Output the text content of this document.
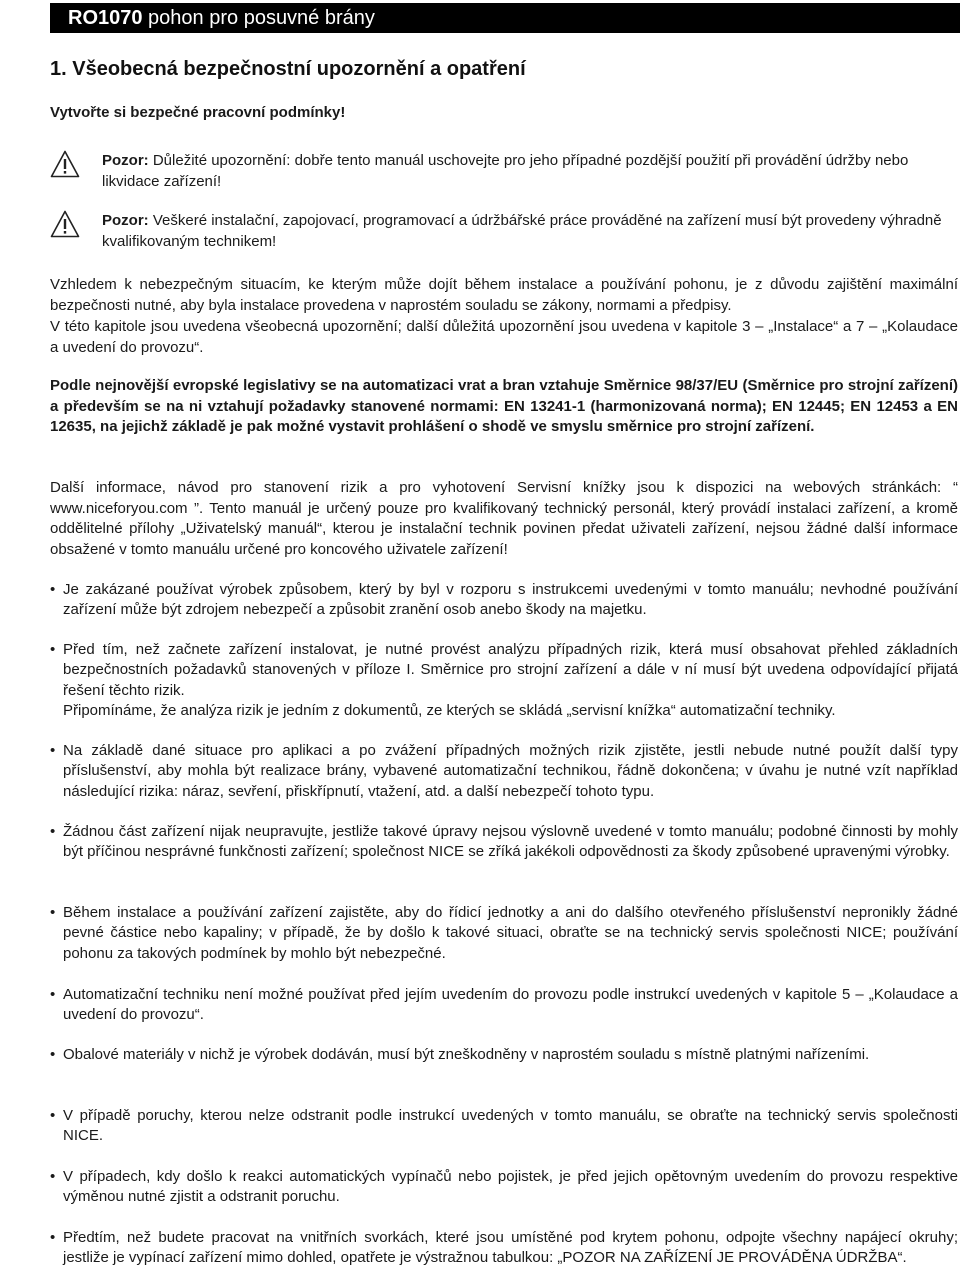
RO1070 pohon pro posuvné brány
1. Všeobecná bezpečnostní upozornění a opatření
Vytvořte si bezpečné pracovní podmínky!
Pozor: Důležité upozornění: dobře tento manuál uschovejte pro jeho případné pozdější použití při provádění údržby nebo likvidace zařízení!
Pozor: Veškeré instalační, zapojovací, programovací a údržbářské práce prováděné na zařízení musí být provedeny výhradně kvalifikovaným technikem!
Vzhledem k nebezpečným situacím, ke kterým může dojít během instalace a používání pohonu, je z důvodu zajištění maximální bezpečnosti nutné, aby byla instalace provedena v naprostém souladu se zákony, normami a předpisy.
V této kapitole jsou uvedena všeobecná upozornění; další důležitá upozornění jsou uvedena v kapitole 3 – „Instalace“ a 7 – „Kolaudace a uvedení do provozu“.
Podle nejnovější evropské legislativy se na automatizaci vrat a bran vztahuje Směrnice 98/37/EU (Směrnice pro strojní zařízení) a především se na ni vztahují požadavky stanovené normami: EN 13241-1 (harmonizovaná norma); EN 12445; EN 12453 a EN 12635, na jejichž základě je pak možné vystavit prohlášení o shodě ve smyslu směrnice pro strojní zařízení.
Další informace, návod pro stanovení rizik a pro vyhotovení Servisní knížky jsou k dispozici na webových stránkách: “ www.niceforyou.com ”. Tento manuál je určený pouze pro kvalifikovaný technický personál, který provádí instalaci zařízení, a kromě oddělitelné přílohy „Uživatelský manuál“, kterou je instalační technik povinen předat uživateli zařízení, nejsou žádné další informace obsažené v tomto manuálu určené pro koncového uživatele zařízení!
• Je zakázané používat výrobek způsobem, který by byl v rozporu s instrukcemi uvedenými v tomto manuálu; nevhodné používání zařízení může být zdrojem nebezpečí a způsobit zranění osob anebo škody na majetku.

• Před tím, než začnete zařízení instalovat, je nutné provést analýzu případných rizik, která musí obsahovat přehled základních bezpečnostních požadavků stanovených v příloze I. Směrnice pro strojní zařízení a dále v ní musí být uvedena odpovídající přijatá řešení těchto rizik.

Připomínáme, že analýza rizik je jedním z dokumentů, ze kterých se skládá „servisní knížka“ automatizační techniky.

• Na základě dané situace pro aplikaci a po zvážení případných možných rizik zjistěte, jestli nebude nutné použít další typy příslušenství, aby mohla být realizace brány, vybavené automatizační technikou, řádně dokončena; v úvahu je nutné vzít například následující rizika: náraz, sevření, přiskřípnutí, vtažení, atd. a další nebezpečí tohoto typu.

• Žádnou část zařízení nijak neupravujte, jestliže takové úpravy nejsou výslovně uvedené v tomto manuálu; podobné činnosti by mohly být příčinou nesprávné funkčnosti zařízení; společnost NICE se zříká jakékoli odpovědnosti za škody způsobené upravenými výrobky.

• Během instalace a používání zařízení zajistěte, aby do řídicí jednotky a ani do dalšího otevřeného příslušenství nepronikly žádné pevné částice nebo kapaliny; v případě, že by došlo k takové situaci, obraťte se na technický servis společnosti NICE; používání pohonu za takových podmínek by mohlo být nebezpečné.

• Automatizační techniku není možné používat před jejím uvedením do provozu podle instrukcí uvedených v kapitole 5 – „Kolaudace a uvedení do provozu“.

• Obalové materiály v nichž je výrobek dodáván, musí být zneškodněny v naprostém souladu s místně platnými nařízeními.

• V případě poruchy, kterou nelze odstranit podle instrukcí uvedených v tomto manuálu, se obraťte na technický servis společnosti NICE.

• V případech, kdy došlo k reakci automatických vypínačů nebo pojistek, je před jejich opětovným uvedením do provozu respektive výměnou nutné zjistit a odstranit poruchu.

• Předtím, než budete pracovat na vnitřních svorkách, které jsou umístěné pod krytem pohonu, odpojte všechny napájecí okruhy; jestliže je vypínací zařízení mimo dohled, opatřete je výstražnou tabulkou: „POZOR NA ZAŘÍZENÍ JE PROVÁDĚNA ÚDRŽBA“.
